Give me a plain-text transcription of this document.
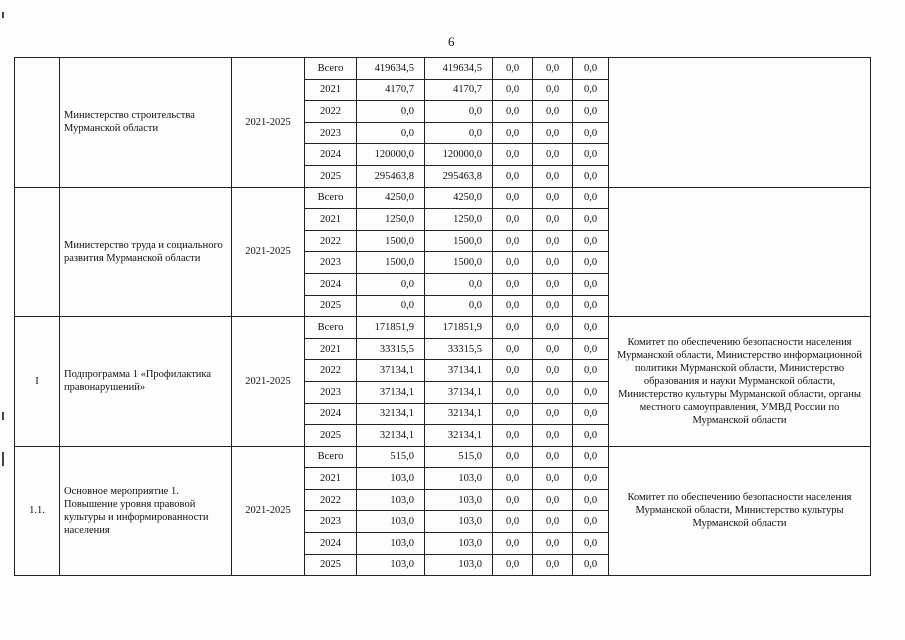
6
	Министерство строительства Мурманской области	2021-2025	Всего	419634,5	419634,5	0,0	0,0	0,0	
			2021	4170,7	4170,7	0,0	0,0	0,0	
			2022	0,0	0,0	0,0	0,0	0,0	
			2023	0,0	0,0	0,0	0,0	0,0	
			2024	120000,0	120000,0	0,0	0,0	0,0	
			2025	295463,8	295463,8	0,0	0,0	0,0	
	Министерство труда и социального развития Мурманской области	2021-2025	Всего	4250,0	4250,0	0,0	0,0	0,0	
			2021	1250,0	1250,0	0,0	0,0	0,0	
			2022	1500,0	1500,0	0,0	0,0	0,0	
			2023	1500,0	1500,0	0,0	0,0	0,0	
			2024	0,0	0,0	0,0	0,0	0,0	
			2025	0,0	0,0	0,0	0,0	0,0	
I	Подпрограмма 1 «Профилактика правонарушений»	2021-2025	Всего	171851,9	171851,9	0,0	0,0	0,0	Комитет по обеспечению безопасности населения Мурманской области, Министерство информационной политики Мурманской области, Министерство образования и науки Мурманской области, Министерство культуры Мурманской области, органы местного самоуправления, УМВД России по Мурманской области
			2021	33315,5	33315,5	0,0	0,0	0,0	
			2022	37134,1	37134,1	0,0	0,0	0,0	
			2023	37134,1	37134,1	0,0	0,0	0,0	
			2024	32134,1	32134,1	0,0	0,0	0,0	
			2025	32134,1	32134,1	0,0	0,0	0,0	
1.1.	Основное мероприятие 1. Повышение уровня правовой культуры и информированности населения	2021-2025	Всего	515,0	515,0	0,0	0,0	0,0	Комитет по обеспечению безопасности населения Мурманской области, Министерство культуры Мурманской области
			2021	103,0	103,0	0,0	0,0	0,0	
			2022	103,0	103,0	0,0	0,0	0,0	
			2023	103,0	103,0	0,0	0,0	0,0	
			2024	103,0	103,0	0,0	0,0	0,0	
			2025	103,0	103,0	0,0	0,0	0,0	
